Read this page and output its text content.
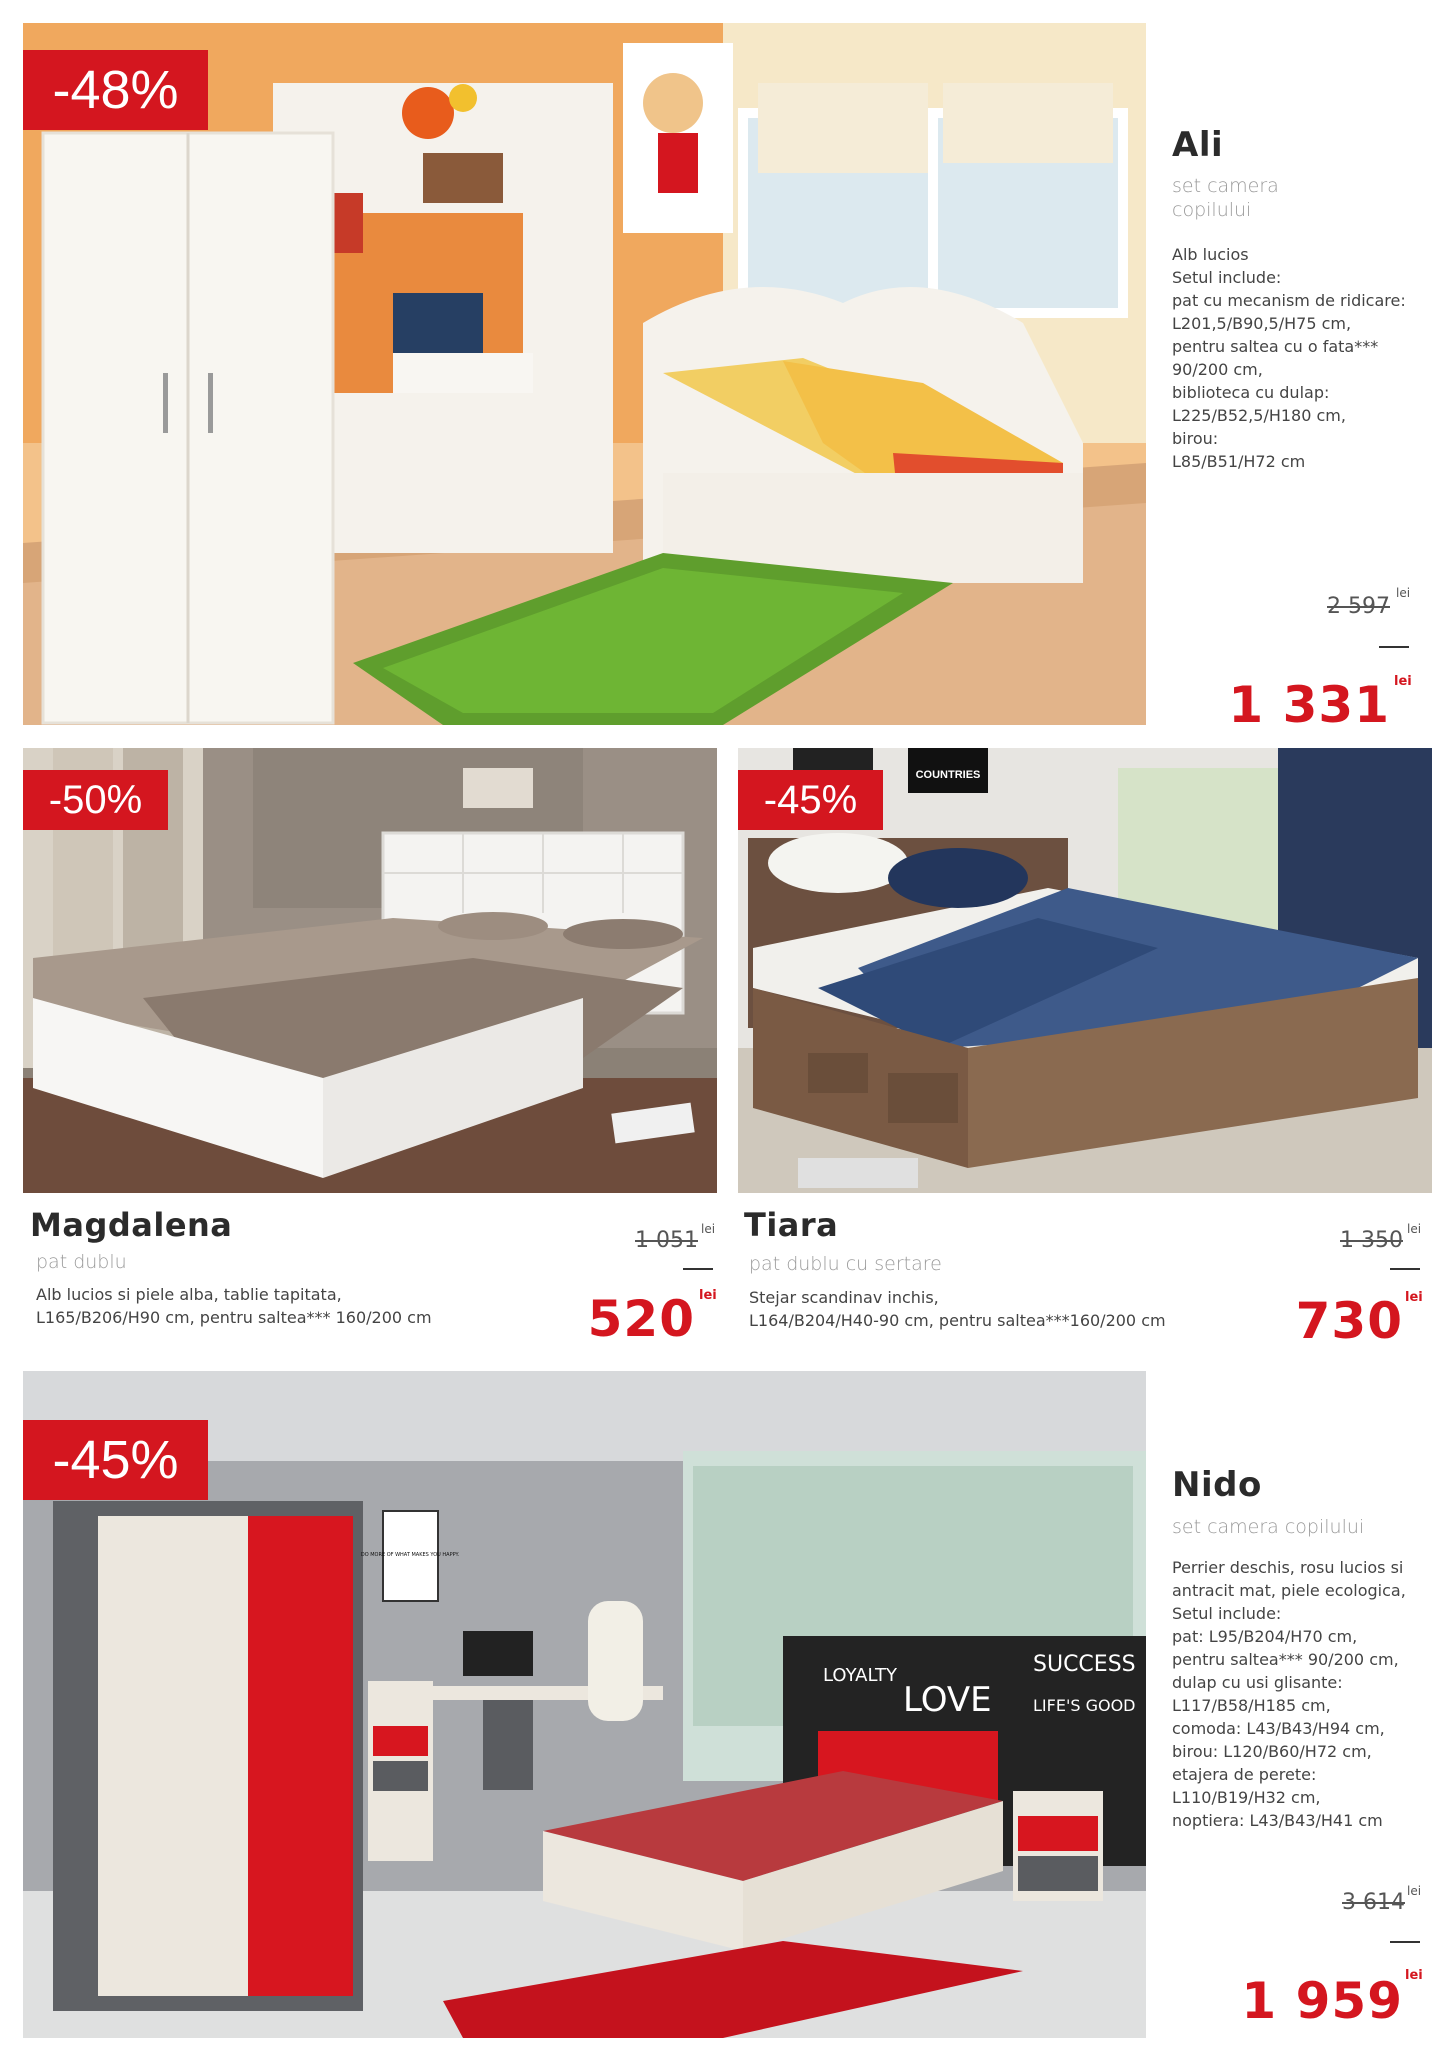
-48%
Ali
set camera
copilului
Alb lucios
Setul include:
pat cu mecanism de ridicare:
L201,5/B90,5/H75 cm,
pentru saltea cu o fata***
90/200 cm,
biblioteca cu dulap:
L225/B52,5/H180 cm,
birou:
L85/B51/H72 cm
2 597
lei
1 331 lei
-50%
Magdalena
pat dublu
Alb lucios si piele alba, tablie tapitata,
L165/B206/H90 cm, pentru saltea*** 160/200 cm
1 051 lei
520 lei
COUNTRIES
-45%
Tiara
pat dublu cu sertare
Stejar scandinav inchis,
L164/B204/H40-90 cm, pentru saltea***160/200 cm
1 350 lei
730 lei
LOYALTY
LOVE
SUCCESS
LIFE'S GOOD
DO MORE OF WHAT MAKES YOU HAPPY.
-45%	Nido
set camera copilului
Perrier deschis, rosu lucios si
antracit mat, piele ecologica,
Setul include:
pat: L95/B204/H70 cm,
pentru saltea*** 90/200 cm,
dulap cu usi glisante:
L117/B58/H185 cm,
comoda: L43/B43/H94 cm,
birou: L120/B60/H72 cm,
etajera de perete:
L110/B19/H32 cm,
noptiera: L43/B43/H41 cm
3 614 lei
1 959 lei
